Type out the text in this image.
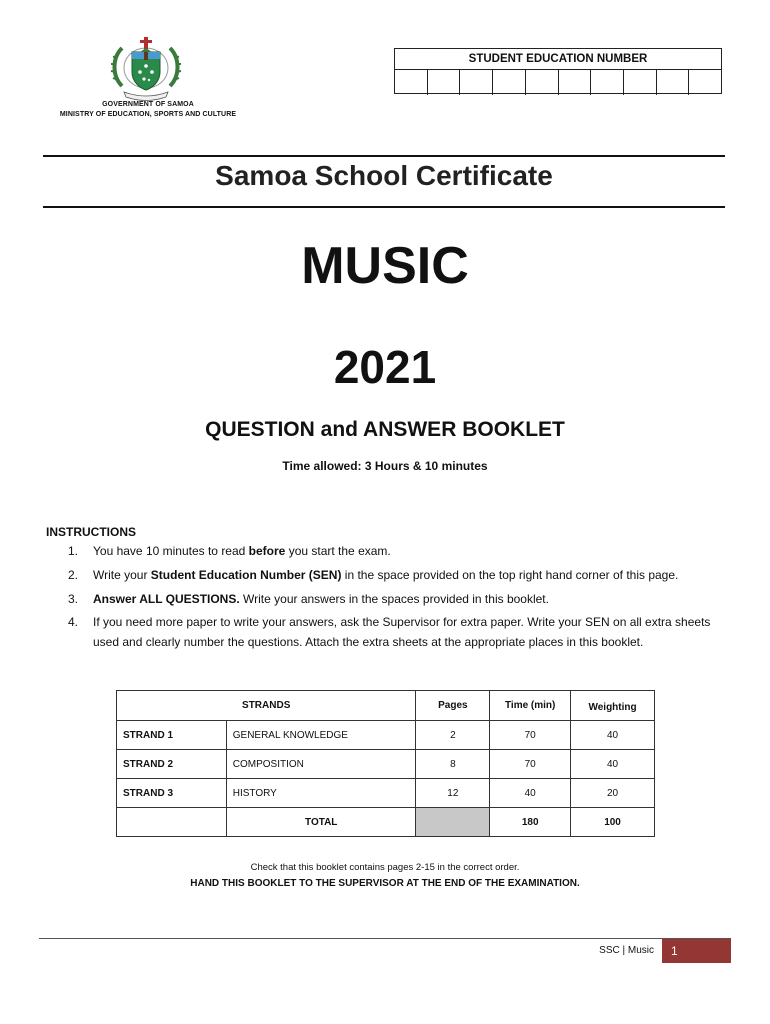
GOVERNMENT OF SAMOA
MINISTRY OF EDUCATION, SPORTS AND CULTURE
STUDENT EDUCATION NUMBER
Samoa School Certificate
MUSIC
2021
QUESTION and ANSWER BOOKLET
Time allowed: 3 Hours & 10 minutes
INSTRUCTIONS
1.	You have 10 minutes to read before you start the exam.
2.	Write your Student Education Number (SEN) in the space provided on the top right hand corner of this page.
3.	Answer ALL QUESTIONS. Write your answers in the spaces provided in this booklet.
4.	If you need more paper to write your answers, ask the Supervisor for extra paper. Write your SEN on all extra sheets used and clearly number the questions. Attach the extra sheets at the appropriate places in this booklet.
STRANDS		Pages	Time (min)	Weighting
STRAND 1	GENERAL KNOWLEDGE	2	70	40
STRAND 2	COMPOSITION	8	70	40
STRAND 3	HISTORY	12	40	20
	TOTAL		180	100
Check that this booklet contains pages 2-15 in the correct order.
HAND THIS BOOKLET TO THE SUPERVISOR AT THE END OF THE EXAMINATION.
SSC | Music	1
